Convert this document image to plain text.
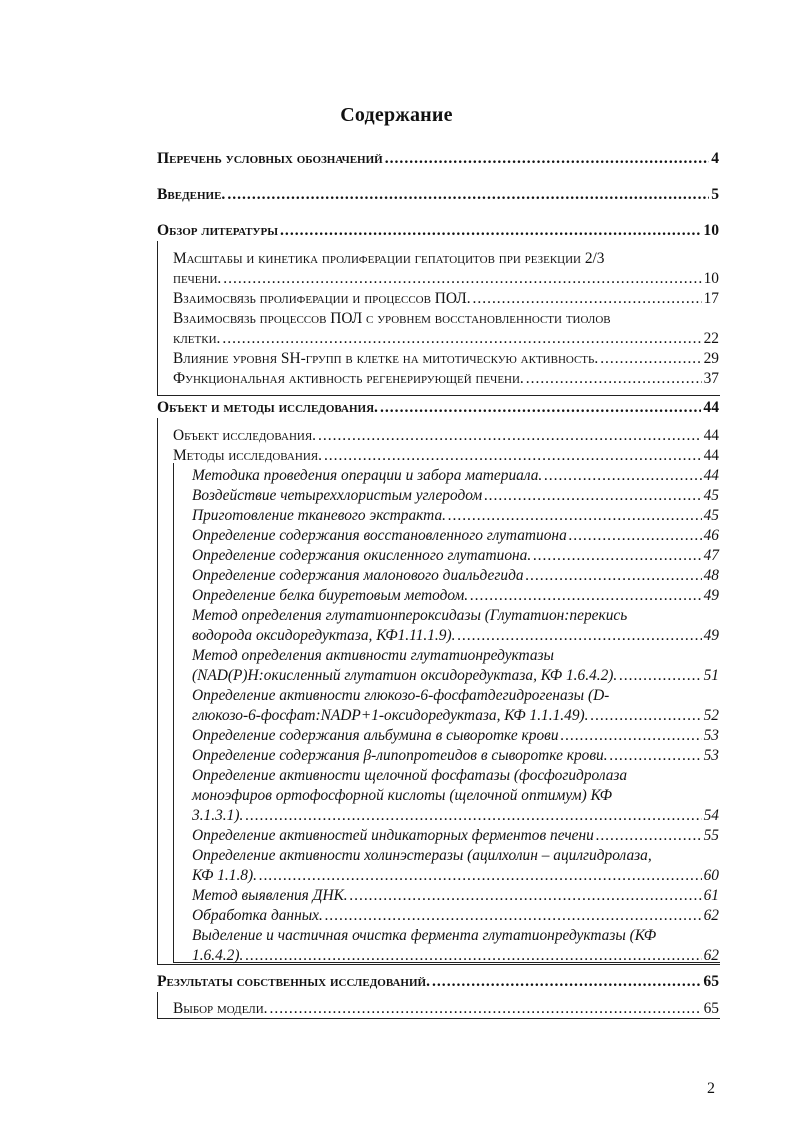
Содержание
Перечень условных обозначений .....	4
Введение. .....	5
Обзор литературы .....	10
Масштабы и кинетика пролиферации гепатоцитов при резекции 2/3
печени. .....	10
Взаимосвязь пролиферации и процессов ПОЛ. .....	17
Взаимосвязь процессов ПОЛ с уровнем восстановленности тиолов
клетки. .....	22
Влияние уровня SH-групп в клетке на митотическую активность. .....	29
Функциональная активность регенерирующей печени. .....	37
Объект и методы исследования. .....	44
Объект исследования. .....	44
Методы исследования. .....	44
Методика проведения операции и забора материала. .....	44
Воздействие четыреххлористым углеродом .....	45
Приготовление тканевого экстракта. .....	45
Определение содержания восстановленного глутатиона .....	46
Определение содержания окисленного глутатиона. .....	47
Определение содержания малонового диальдегида .....	48
Определение белка биуретовым методом. .....	49
Метод определения глутатионпероксидазы (Глутатион:перекись
водорода оксидоредуктаза, КФ1.11.1.9). .....	49
Метод определения активности глутатионредуктазы
(NAD(P)H:окисленный глутатион оксидоредуктаза, КФ 1.6.4.2). .....	51
Определение активности глюкозо-6-фосфатдегидрогеназы (D-
глюкозо-6-фосфат:NADP+1-оксидоредуктаза, КФ 1.1.1.49). .....	52
Определение содержания альбумина в сыворотке крови .....	53
Определение содержания β-липопротеидов в сыворотке крови. .....	53
Определение активности щелочной фосфатазы (фосфогидролаза
моноэфиров ортофосфорной кислоты (щелочной оптимум) КФ
3.1.3.1). .....	54
Определение активностей индикаторных ферментов печени .....	55
Определение активности холинэстеразы (ацилхолин – ацилгидролаза,
КФ 1.1.8). .....	60
Метод выявления ДНК. .....	61
Обработка данных. .....	62
Выделение и частичная очистка фермента глутатионредуктазы (КФ
1.6.4.2). .....	62
Результаты собственных исследований. .....	65
Выбор модели. .....	65
2
